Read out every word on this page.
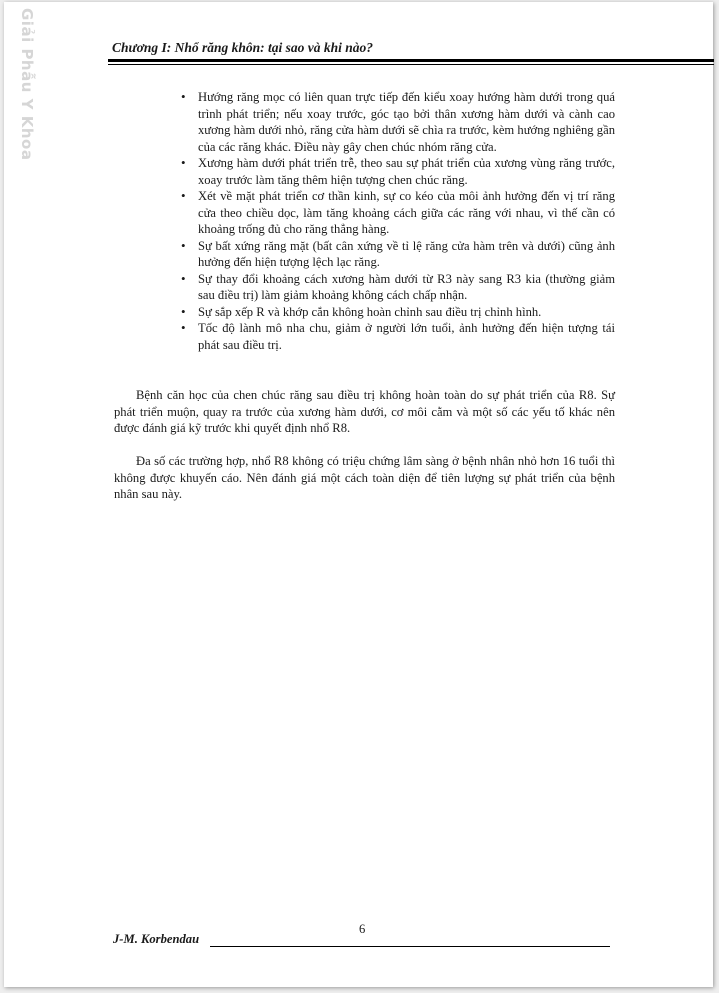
Giải Phẫu Y Khoa	Chương I: Nhổ răng khôn: tại sao và khi nào?
• Hướng răng mọc có liên quan trực tiếp đến kiểu xoay hướng hàm dưới trong quá trình phát triển; nếu xoay trước, góc tạo bởi thân xương hàm dưới và cành cao xương hàm dưới nhỏ, răng cửa hàm dưới sẽ chìa ra trước, kèm hướng nghiêng gần của các răng khác. Điều này gây chen chúc nhóm răng cửa.
• Xương hàm dưới phát triển trễ, theo sau sự phát triển của xương vùng răng trước, xoay trước làm tăng thêm hiện tượng chen chúc răng.
• Xét về mặt phát triển cơ thần kinh, sự co kéo của môi ảnh hưởng đến vị trí răng cửa theo chiều dọc, làm tăng khoảng cách giữa các răng với nhau, vì thế cần có khoảng trống đủ cho răng thẳng hàng.
• Sự bất xứng răng mặt (bất cân xứng về tỉ lệ răng cửa hàm trên và dưới) cũng ảnh hưởng đến hiện tượng lệch lạc răng.
• Sự thay đổi khoảng cách xương hàm dưới từ R3 này sang R3 kia (thường giảm sau điều trị) làm giảm khoảng không cách chấp nhận.
• Sự sắp xếp R và khớp cắn không hoàn chỉnh sau điều trị chỉnh hình.
• Tốc độ lành mô nha chu, giảm ở người lớn tuổi, ảnh hưởng đến hiện tượng tái phát sau điều trị.

Bệnh căn học của chen chúc răng sau điều trị không hoàn toàn do sự phát triển của R8. Sự phát triển muộn, quay ra trước của xương hàm dưới, cơ môi cằm và một số các yếu tố khác nên được đánh giá kỹ trước khi quyết định nhổ R8.

Đa số các trường hợp, nhổ R8 không có triệu chứng lâm sàng ở bệnh nhân nhỏ hơn 16 tuổi thì không được khuyến cáo. Nên đánh giá một cách toàn diện để tiên lượng sự phát triển của bệnh nhân sau này.

6
J-M. Korbendau
